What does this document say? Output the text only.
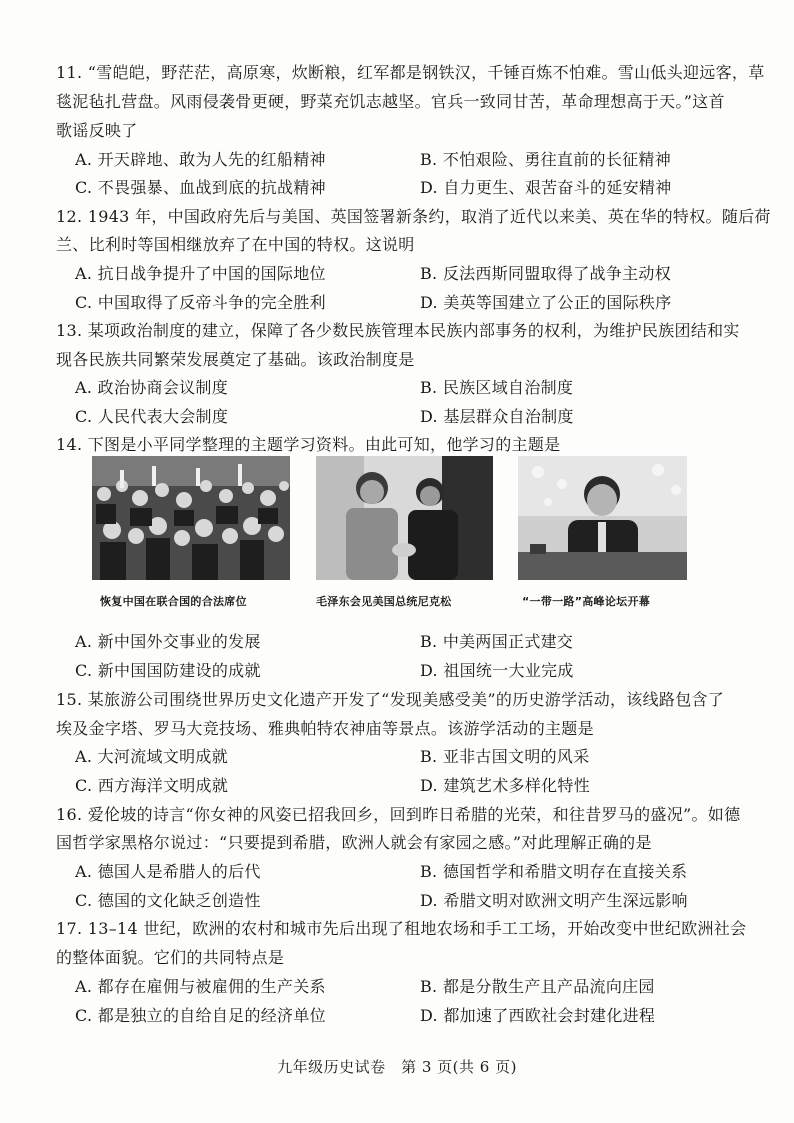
11. “雪皑皑，野茫茫，高原寒，炊断粮，红军都是钢铁汉，千锤百炼不怕难。雪山低头迎远客，草
毯泥毡扎营盘。风雨侵袭骨更硬，野菜充饥志越坚。官兵一致同甘苦，革命理想高于天。”这首
歌谣反映了
A. 开天辟地、敢为人先的红船精神	B. 不怕艰险、勇往直前的长征精神
C. 不畏强暴、血战到底的抗战精神	D. 自力更生、艰苦奋斗的延安精神
12. 1943 年，中国政府先后与美国、英国签署新条约，取消了近代以来美、英在华的特权。随后荷
兰、比利时等国相继放弃了在中国的特权。这说明
A. 抗日战争提升了中国的国际地位	B. 反法西斯同盟取得了战争主动权
C. 中国取得了反帝斗争的完全胜利	D. 美英等国建立了公正的国际秩序
13. 某项政治制度的建立，保障了各少数民族管理本民族内部事务的权利，为维护民族团结和实
现各民族共同繁荣发展奠定了基础。该政治制度是
A. 政治协商会议制度	B. 民族区域自治制度
C. 人民代表大会制度	D. 基层群众自治制度
14. 下图是小平同学整理的主题学习资料。由此可知，他学习的主题是
恢复中国在联合国的合法席位	毛泽东会见美国总统尼克松	“一带一路”高峰论坛开幕
A. 新中国外交事业的发展	B. 中美两国正式建交
C. 新中国国防建设的成就	D. 祖国统一大业完成
15. 某旅游公司围绕世界历史文化遗产开发了“发现美感受美”的历史游学活动，该线路包含了
埃及金字塔、罗马大竞技场、雅典帕特农神庙等景点。该游学活动的主题是
A. 大河流域文明成就	B. 亚非古国文明的风采
C. 西方海洋文明成就	D. 建筑艺术多样化特性
16. 爱伦坡的诗言“你女神的风姿已招我回乡，回到昨日希腊的光荣，和往昔罗马的盛况”。如德
国哲学家黑格尔说过：“只要提到希腊，欧洲人就会有家园之感。”对此理解正确的是
A. 德国人是希腊人的后代	B. 德国哲学和希腊文明存在直接关系
C. 德国的文化缺乏创造性	D. 希腊文明对欧洲文明产生深远影响
17. 13–14 世纪，欧洲的农村和城市先后出现了租地农场和手工工场，开始改变中世纪欧洲社会
的整体面貌。它们的共同特点是
A. 都存在雇佣与被雇佣的生产关系	B. 都是分散生产且产品流向庄园
C. 都是独立的自给自足的经济单位	D. 都加速了西欧社会封建化进程
九年级历史试卷　第 3 页(共 6 页)
